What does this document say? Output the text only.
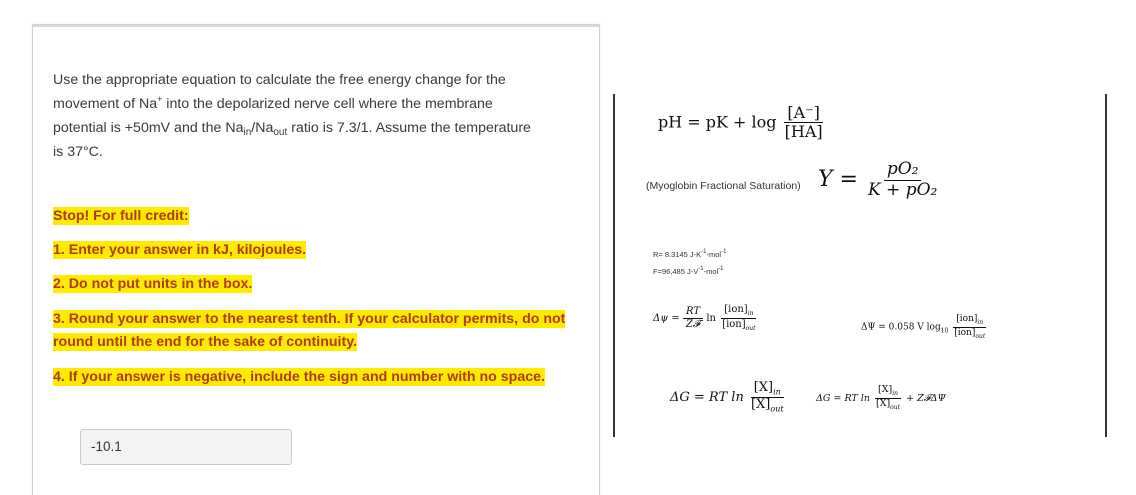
Use the appropriate equation to calculate the free energy change for the
movement of Na+ into the depolarized nerve cell where the membrane
potential is +50mV and the $Na_{in}/Na_{out}$ ratio is 7.3/1. Assume the temperature
is 37°C.
Stop! For full credit:
1. Enter your answer in kJ, kilojoules.
2. Do not put units in the box.
3. Round your answer to the nearest tenth. If your calculator permits, do not
round until the end for the sake of continuity.
4. If your answer is negative, include the sign and number with no space.
-10.1
pH = pK + $\log \frac{[A^-]}{[HA]}$
(Myoglobin Fractional Saturation) $Y = \frac{\text{pO₂}}{\text{K + pO₂}}$
R= 8.3145 $J-K^{-1}-mol^{-1}$
F=96,485 $J-V^{-1}-mol^{-1}$
$\Delta\psi = \frac{RT}{\text{Z𝓕}}$ $\ln \frac{[ion]_{in}}{[ion]_{out}}$	ΔΨ = 0.058 V $\log_{10} \frac{[ion]_{in}}{[ion]_{out}}$
ΔG = RT $\ln \frac{[X]_{in}}{[X]_{out}}$	ΔG = RT $\ln \frac{[X]_{in}}{[X]_{out}}$ + Z𝓕ΔΨ
